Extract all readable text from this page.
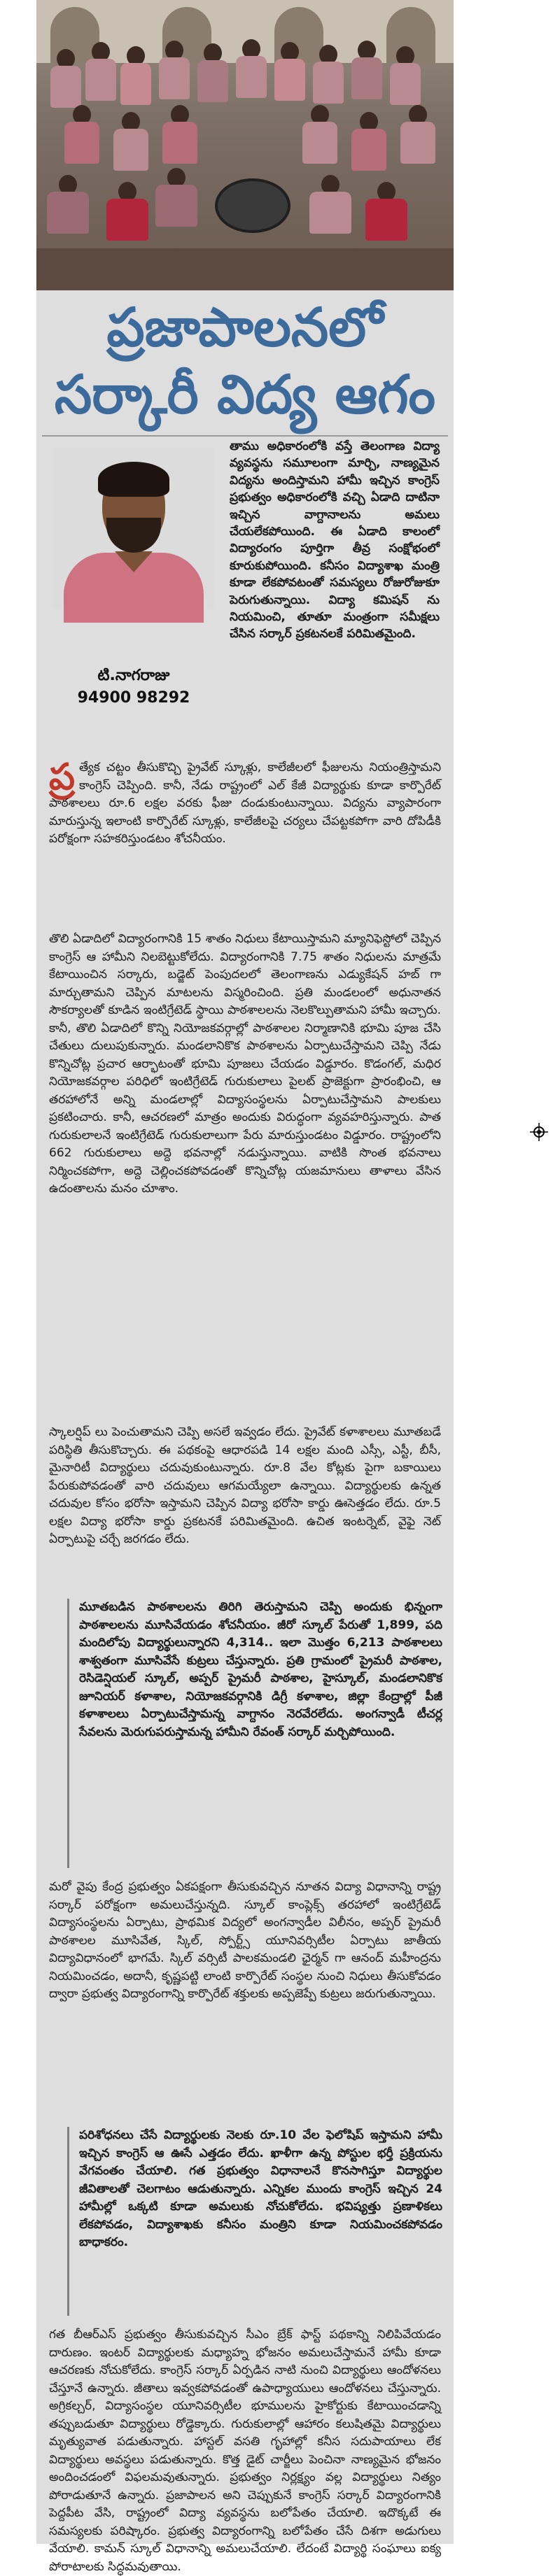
ప్రజాపాలనలో
సర్కారీ విద్య ఆగం
టి.నాగరాజు
94900 98292
తాము అధికారంలోకి వస్తే తెలంగాణ విద్యా వ్యవస్థను సమూలంగా మార్చి, నాణ్యమైన విద్యను అందిస్తామని హామీ ఇచ్చిన కాంగ్రెస్ ప్రభుత్వం అధికారంలోకి వచ్చి ఏడాది దాటినా ఇచ్చిన వాగ్దానాలను అమలు చేయలేకపోయింది. ఈ ఏడాది కాలంలో విద్యారంగం పూర్తిగా తీవ్ర సంక్షోభంలో కూరుకుపోయింది. కనీసం విద్యాశాఖ మంత్రి కూడా లేకపోవటంతో సమస్యలు రోజురోజుకూ పెరుగుతున్నాయి. విద్యా కమిషన్ ను నియమించి, తూతూ మంత్రంగా సమీక్షలు చేసిన సర్కార్ ప్రకటనలకే పరిమితమైంది.
ప్ర త్యేక చట్టం తీసుకొచ్చి ప్రైవేట్ స్కూళ్లు, కాలేజీలలో ఫీజులను నియంత్రిస్తామని కాంగ్రెస్ చెప్పింది. కానీ, నేడు రాష్ట్రంలో ఎల్ కేజీ విద్యార్థుకు కూడా కార్పొరేట్ పాఠశాలలు రూ.6 లక్షల వరకు ఫీజు దండుకుంటున్నాయి. విద్యను వ్యాపారంగా మారుస్తున్న ఇలాంటి కార్పొరేట్ స్కూళ్లు, కాలేజీలపై చర్యలు చేపట్టకపోగా వారి దోపిడీకి పరోక్షంగా సహకరిస్తుండటం శోచనీయం.
తొలి ఏడాదిలో విద్యారంగానికి 15 శాతం నిధులు కేటాయిస్తామని మ్యానిఫెస్టోలో చెప్పిన కాంగ్రెస్ ఆ హామీని నిలబెట్టుకోలేదు. విద్యారంగానికి 7.75 శాతం నిధులను మాత్రమే కేటాయించిన సర్కారు, బడ్జెట్ పెంపుదలలో తెలంగాణను ఎడ్యుకేషన్ హబ్ గా మార్చుతామని చెప్పిన మాటలను విస్మరించింది. ప్రతి మండలంలో అధునాతన సౌకర్యాలతో కూడిన ఇంటిగ్రేటెడ్ స్థాయి పాఠశాలలను నెలకొల్పుతామని హామీ ఇచ్చారు. కానీ, తొలి ఏడాదిలో కొన్ని నియోజకవర్గాల్లో పాఠశాలల నిర్మాణానికి భూమి పూజ చేసి చేతులు దులుపుకున్నారు. మండలానికొక పాఠశాలను ఏర్పాటుచేస్తామని చెప్పి నేడు కొన్నిచోట్ల ప్రచార ఆర్భాటంతో భూమి పూజలు చేయడం విడ్డూరం. కొడంగల్, మధిర నియోజకవర్గాల పరిధిలో ఇంటిగ్రేటెడ్ గురుకులాలు పైలట్ ప్రాజెక్టుగా ప్రారంభించి, ఆ తరహాలోనే అన్ని మండలాల్లో విద్యాసంస్థలను ఏర్పాటుచేస్తామని పాలకులు ప్రకటించారు. కానీ, ఆచరణలో మాత్రం అందుకు విరుద్ధంగా వ్యవహరిస్తున్నారు. పాత గురుకులాలనే ఇంటిగ్రేటెడ్ గురుకులాలుగా పేరు మారుస్తుండటం విడ్డూరం. రాష్ట్రంలోని 662 గురుకులాలు అద్దె భవనాల్లో నడుస్తున్నాయి. వాటికి సొంత భవనాలు నిర్మించకపోగా, అద్దె చెల్లించకపోవడంతో కొన్నిచోట్ల యజమానులు తాళాలు వేసిన ఉదంతాలను మనం చూశాం.
స్కాలర్షిప్ లు పెంచుతామని చెప్పి అసలే ఇవ్వడం లేదు. ప్రైవేట్ కళాశాలలు మూతబడే పరిస్థితి తీసుకొచ్చారు. ఈ పథకంపై ఆధారపడి 14 లక్షల మంది ఎస్సీ, ఎస్టీ, బీసీ, మైనారిటీ విద్యార్థులు చదువుకుంటున్నారు. రూ.8 వేల కోట్లకు పైగా బకాయిలు పేరుకుపోవడంతో వారి చదువులు ఆగమయ్యేలా ఉన్నాయి. విద్యార్థులకు ఉన్నత చదువుల కోసం భరోసా ఇస్తామని చెప్పిన విద్యా భరోసా కార్డు ఊసెత్తడం లేదు. రూ.5 లక్షల విద్యా భరోసా కార్డు ప్రకటనకే పరిమితమైంది. ఉచిత ఇంటర్నెట్, వైఫై నెట్ ఏర్పాటుపై చర్చే జరగడం లేదు.
మూతబడిన పాఠశాలలను తిరిగి తెరుస్తామని చెప్పి అందుకు భిన్నంగా పాఠశాలలను మూసివేయడం శోచనీయం. జీరో స్కూల్ పేరుతో 1,899, పది మందిలోపు విద్యార్థులున్నారని 4,314.. ఇలా మొత్తం 6,213 పాఠశాలలు శాశ్వతంగా మూసివేసే కుట్రలు చేస్తున్నారు. ప్రతి గ్రామంలో ప్రైమరీ పాఠశాల, రెసిడెన్షియల్ స్కూల్, అప్పర్ ప్రైమరీ పాఠశాల, హైస్కూల్, మండలానికొక జూనియర్ కళాశాల, నియోజకవర్గానికి డిగ్రీ కళాశాల, జిల్లా కేంద్రాల్లో పీజీ కళాశాలలు ఏర్పాటుచేస్తామన్న వాగ్దానం నెరవేరలేదు. అంగన్వాడీ టీచర్ల సేవలను మెరుగుపరుస్తామన్న హామీని రేవంత్ సర్కార్ మర్చిపోయింది.
మరో వైపు కేంద్ర ప్రభుత్వం ఏకపక్షంగా తీసుకువచ్చిన నూతన విద్యా విధానాన్ని రాష్ట్ర సర్కార్ పరోక్షంగా అమలుచేస్తున్నది. స్కూల్ కాంప్లెక్స్ తరహాలో ఇంటిగ్రేటెడ్ విద్యాసంస్థలను ఏర్పాటు, ప్రాథమిక విద్యలో అంగన్వాడీల విలీనం, అప్పర్ ప్రైమరీ పాఠశాలల మూసివేత, స్కిల్, స్పోర్ట్స్ యూనివర్సిటీల ఏర్పాటు జాతీయ విద్యావిధానంలో భాగమే. స్కిల్ వర్సిటీ పాలకమండలి ఛైర్మన్ గా ఆనంద్ మహీంద్రను నియమించడం, అదానీ, కృష్ణపట్టి లాంటి కార్పొరేట్ సంస్థల నుంచి నిధులు తీసుకోవడం ద్వారా ప్రభుత్వ విద్యారంగాన్ని కార్పొరేట్ శక్తులకు అప్పజెప్పే కుట్రలు జరుగుతున్నాయి.
పరిశోధనలు చేసే విద్యార్థులకు నెలకు రూ.10 వేల ఫెలోషిప్ ఇస్తామని హామీ ఇచ్చిన కాంగ్రెస్ ఆ ఊసే ఎత్తడం లేదు. ఖాళీగా ఉన్న పోస్టుల భర్తీ ప్రక్రియను వేగవంతం చేయాలి. గత ప్రభుత్వం విధానాలనే కొనసాగిస్తూ విద్యార్థుల జీవితాలతో చెలగాటం ఆడుతున్నారు. ఎన్నికల ముందు కాంగ్రెస్ ఇచ్చిన 24 హామీల్లో ఒక్కటి కూడా అమలుకు నోచుకోలేదు. భవిష్యత్తు ప్రణాళికలు లేకపోవడం, విద్యాశాఖకు కనీసం మంత్రిని కూడా నియమించకపోవడం బాధాకరం.
గత బీఆర్ఎస్ ప్రభుత్వం తీసుకువచ్చిన సీఎం బ్రేక్ ఫాస్ట్ పథకాన్ని నిలిపివేయడం దారుణం. ఇంటర్ విద్యార్థులకు మధ్యాహ్న భోజనం అమలుచేస్తామనే హామీ కూడా ఆచరణకు నోచుకోలేదు. కాంగ్రెస్ సర్కార్ ఏర్పడిన నాటి నుంచి విద్యార్థులు ఆందోళనలు చేస్తూనే ఉన్నారు. జీతాలు ఇవ్వకపోవడంతో ఉపాధ్యాయులు ఆందోళనలు చేస్తున్నారు. అగ్రికల్చర్, విద్యాసంస్థల యూనివర్సిటీల భూములను హైకోర్టుకు కేటాయించడాన్ని తప్పుబడుతూ విద్యార్థులు రోడ్డెక్కారు. గురుకులాల్లో ఆహారం కలుషితమై విద్యార్థులు మృత్యువాత పడుతున్నారు. హాస్టల్ వసతి గృహాల్లో కనీస సదుపాయాలు లేక విద్యార్థులు అవస్థలు పడుతున్నారు. కొత్త డైట్ చార్జీలు పెంచినా నాణ్యమైన భోజనం అందించడంలో విఫలమవుతున్నారు. ప్రభుత్వం నిర్లక్ష్యం వల్ల విద్యార్థులు నిత్యం పోరాడుతూనే ఉన్నారు. ప్రజాపాలన అని చెప్పుకునే కాంగ్రెస్ సర్కార్ విద్యారంగానికి పెద్దపీట వేసి, రాష్ట్రంలో విద్యా వ్యవస్థను బలోపేతం చేయాలి. ఇదొక్కటే ఈ సమస్యలకు పరిష్కారం. ప్రభుత్వ విద్యారంగాన్ని బలోపేతం చేసే దిశగా అడుగులు వేయాలి. కామన్ స్కూల్ విధానాన్ని అమలుచేయాలి. లేదంటే విద్యార్థి సంఘాలు ఐక్య పోరాటాలకు సిద్ధమవుతాయి.
